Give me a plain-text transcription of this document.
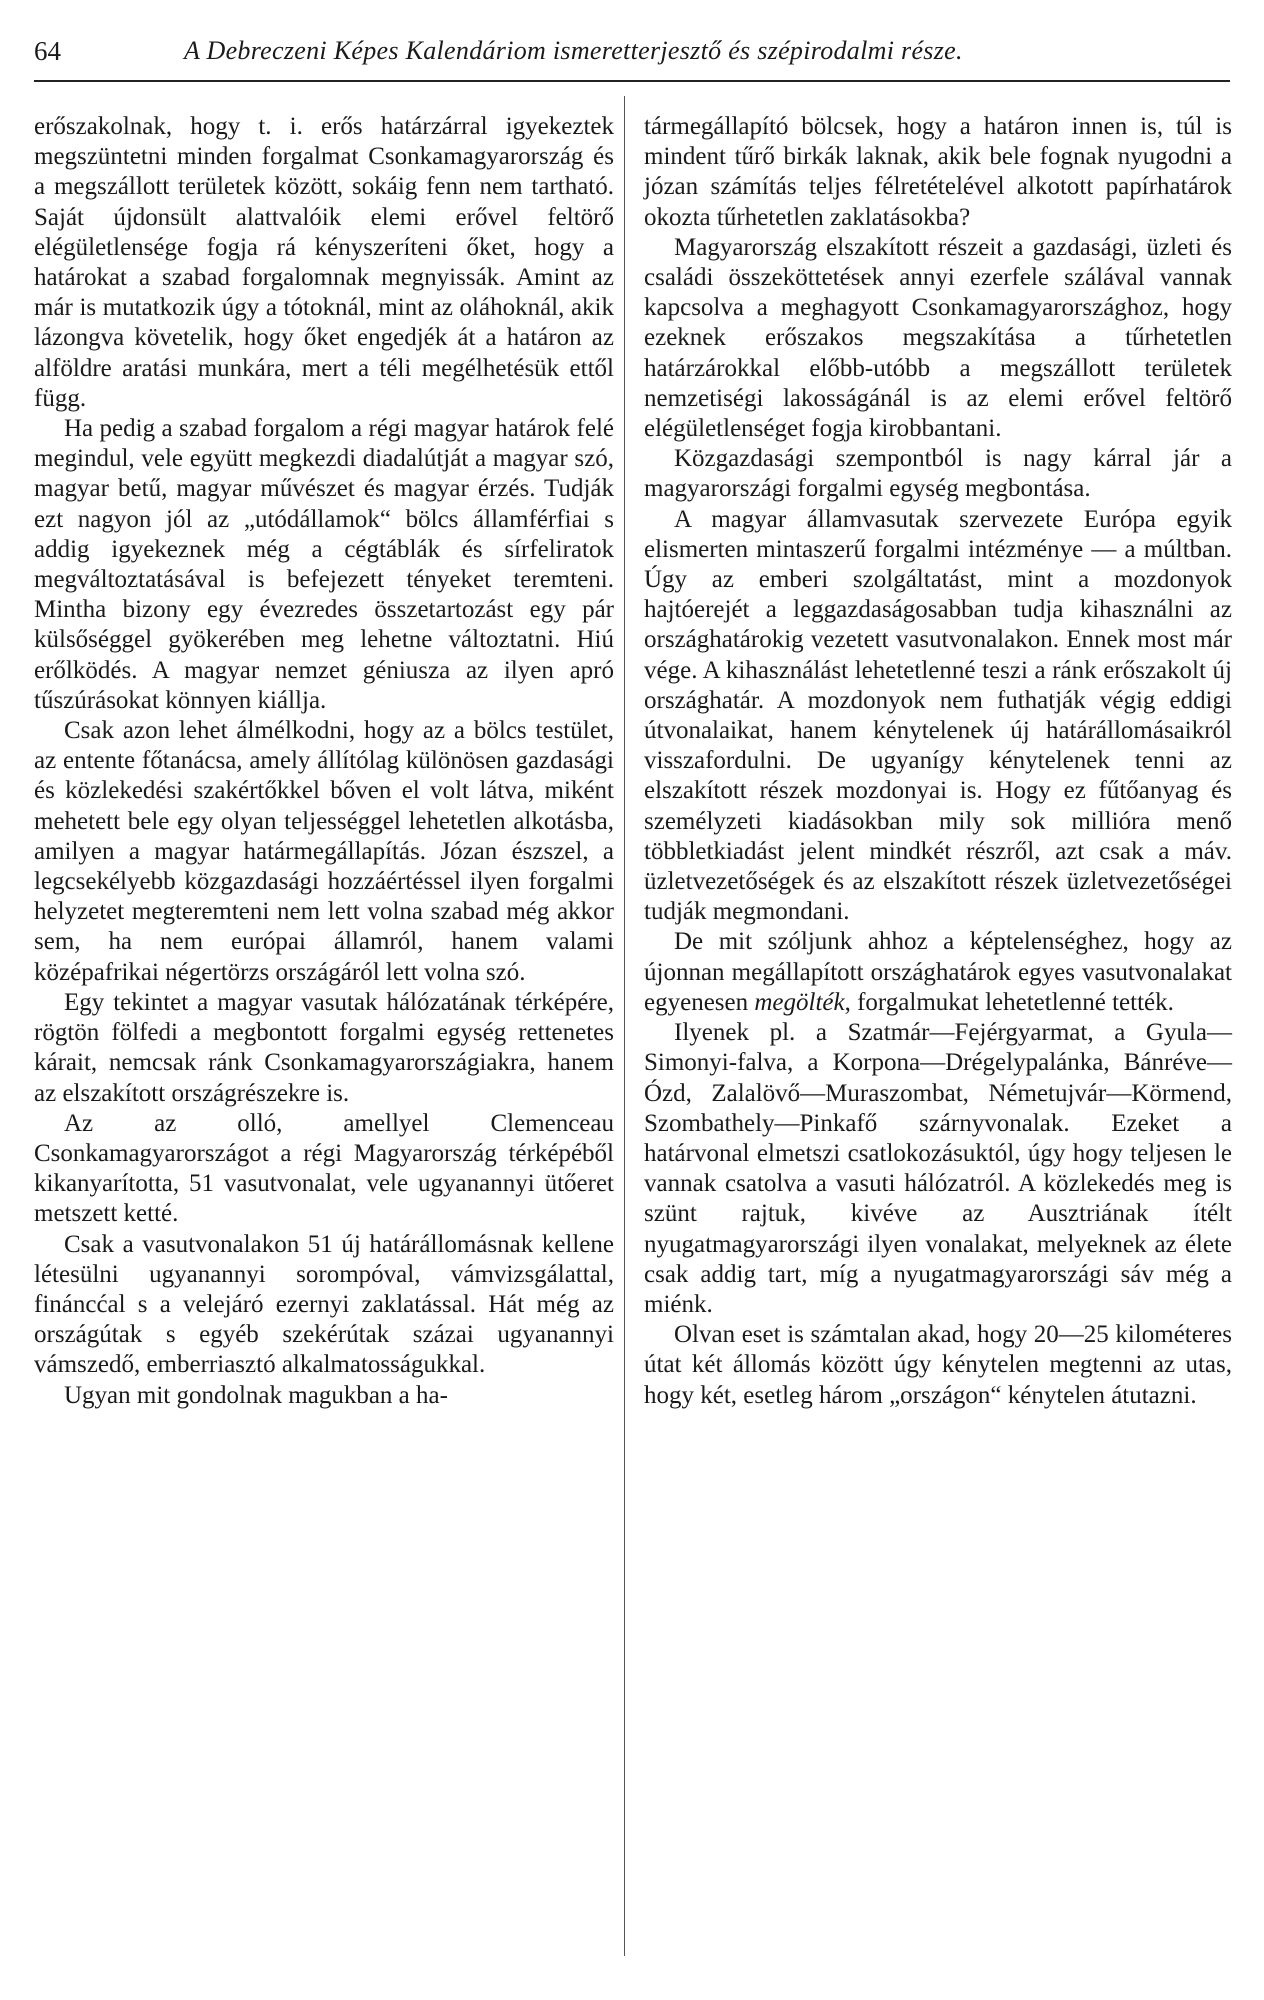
64	A Debreczeni Képes Kalendáriom ismeretterjesztő és szépirodalmi része.

erőszakolnak, hogy t. i. erős határzárral igyekeztek megszüntetni minden forgalmat Csonkamagyarország és a megszállott területek között, sokáig fenn nem tartható. Saját újdonsült alattvalóik elemi erővel feltörő elégületlensége fogja rá kényszeríteni őket, hogy a határokat a szabad forgalomnak megnyissák. Amint az már is mutatkozik úgy a tótoknál, mint az oláhoknál, akik lázongva követelik, hogy őket engedjék át a határon az alföldre aratási munkára, mert a téli megélhetésük ettől függ.

Ha pedig a szabad forgalom a régi magyar határok felé megindul, vele együtt megkezdi diadalútját a magyar szó, magyar betű, magyar művészet és magyar érzés. Tudják ezt nagyon jól az „utódállamok“ bölcs államférfiai s addig igyekeznek még a cégtáblák és sírfeliratok megváltoztatásával is befejezett tényeket teremteni. Mintha bizony egy évezredes összetartozást egy pár külsőséggel gyökerében meg lehetne változtatni. Hiú erőlködés. A magyar nemzet géniusza az ilyen apró tűszúrásokat könnyen kiállja.

Csak azon lehet álmélkodni, hogy az a bölcs testület, az entente főtanácsa, amely állítólag különösen gazdasági és közlekedési szakértőkkel bőven el volt látva, miként mehetett bele egy olyan teljességgel lehetetlen alkotásba, amilyen a magyar határmegállapítás. Józan észszel, a legcsekélyebb közgazdasági hozzáértéssel ilyen forgalmi helyzetet megteremteni nem lett volna szabad még akkor sem, ha nem európai államról, hanem valami középafrikai négertörzs országáról lett volna szó.

Egy tekintet a magyar vasutak hálózatának térképére, rögtön fölfedi a megbontott forgalmi egység rettenetes kárait, nemcsak ránk Csonkamagyarországiakra, hanem az elszakított országrészekre is.

Az az olló, amellyel Clemenceau Csonkamagyarországot a régi Magyarország térképéből kikanyarította, 51 vasutvonalat, vele ugyanannyi ütőeret metszett ketté.

Csak a vasutvonalakon 51 új határállomásnak kellene létesülni ugyanannyi sorompóval, vámvizsgálattal, fináncćal s a velejáró ezernyi zaklatással. Hát még az országútak s egyéb szekérútak százai ugyanannyi vámszedő, emberriasztó alkalmatosságukkal.

Ugyan mit gondolnak magukban a ha-

tármegállapító bölcsek, hogy a határon innen is, túl is mindent tűrő birkák laknak, akik bele fognak nyugodni a józan számítás teljes félretételével alkotott papírhatárok okozta tűrhetetlen zaklatásokba?

Magyarország elszakított részeit a gazdasági, üzleti és családi összeköttetések annyi ezerfele szálával vannak kapcsolva a meghagyott Csonkamagyarországhoz, hogy ezeknek erőszakos megszakítása a tűrhetetlen határzárokkal előbb-utóbb a megszállott területek nemzetiségi lakosságánál is az elemi erővel feltörő elégületlenséget fogja kirobbantani.

Közgazdasági szempontból is nagy kárral jár a magyarországi forgalmi egység megbontása.

A magyar államvasutak szervezete Európa egyik elismerten mintaszerű forgalmi intézménye — a múltban. Úgy az emberi szolgáltatást, mint a mozdonyok hajtóerejét a leggazdaságosabban tudja kihasználni az országhatárokig vezetett vasutvonalakon. Ennek most már vége. A kihasználást lehetetlenné teszi a ránk erőszakolt új országhatár. A mozdonyok nem futhatják végig eddigi útvonalaikat, hanem kénytelenek új határállomásaikról visszafordulni. De ugyanígy kénytelenek tenni az elszakított részek mozdonyai is. Hogy ez fűtőanyag és személyzeti kiadásokban mily sok millióra menő többletkiadást jelent mindkét részről, azt csak a máv. üzletvezetőségek és az elszakított részek üzletvezetőségei tudják megmondani.

De mit szóljunk ahhoz a képtelenséghez, hogy az újonnan megállapított országhatárok egyes vasutvonalakat egyenesen megölték, forgalmukat lehetetlenné tették.

Ilyenek pl. a Szatmár—Fejérgyarmat, a Gyula—Simonyi-falva, a Korpona—Drégelypalánka, Bánréve—Ózd, Zalalövő—Muraszombat, Németujvár—Körmend, Szombathely—Pinkafő szárnyvonalak. Ezeket a határvonal elmetszi csatlokozásuktól, úgy hogy teljesen le vannak csatolva a vasuti hálózatról. A közlekedés meg is szünt rajtuk, kivéve az Ausztriának ítélt nyugatmagyarországi ilyen vonalakat, melyeknek az élete csak addig tart, míg a nyugatmagyarországi sáv még a miénk.

Olvan eset is számtalan akad, hogy 20—25 kilométeres útat két állomás között úgy kénytelen megtenni az utas, hogy két, esetleg három „országon“ kénytelen átutazni.
